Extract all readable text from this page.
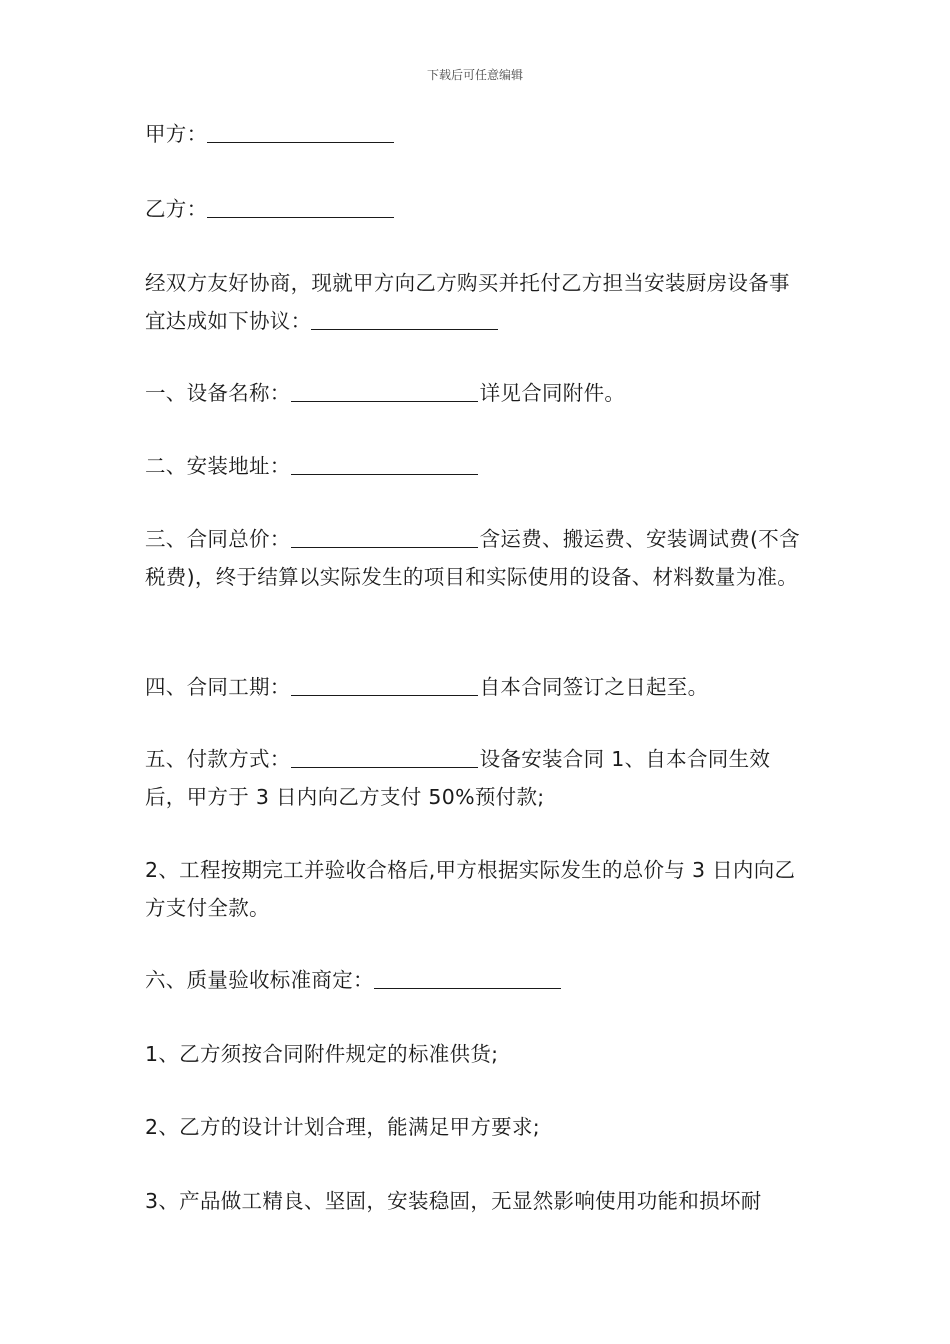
下载后可任意编辑

甲方：

乙方：

经双方友好协商，现就甲方向乙方购买并托付乙方担当安装厨房设备事宜达成如下协议：

一、设备名称：	详见合同附件。

二、安装地址：

三、合同总价：	含运费、搬运费、安装调试费(不含税费)，终于结算以实际发生的项目和实际使用的设备、材料数量为准。

四、合同工期：	自本合同签订之日起至。

五、付款方式：	设备安装合同 1、自本合同生效后，甲方于 3 日内向乙方支付 50%预付款;

2、工程按期完工并验收合格后,甲方根据实际发生的总价与 3 日内向乙方支付全款。

六、质量验收标准商定：

1、乙方须按合同附件规定的标准供货;

2、乙方的设计计划合理，能满足甲方要求;

3、产品做工精良、坚固，安装稳固，无显然影响使用功能和损坏耐
